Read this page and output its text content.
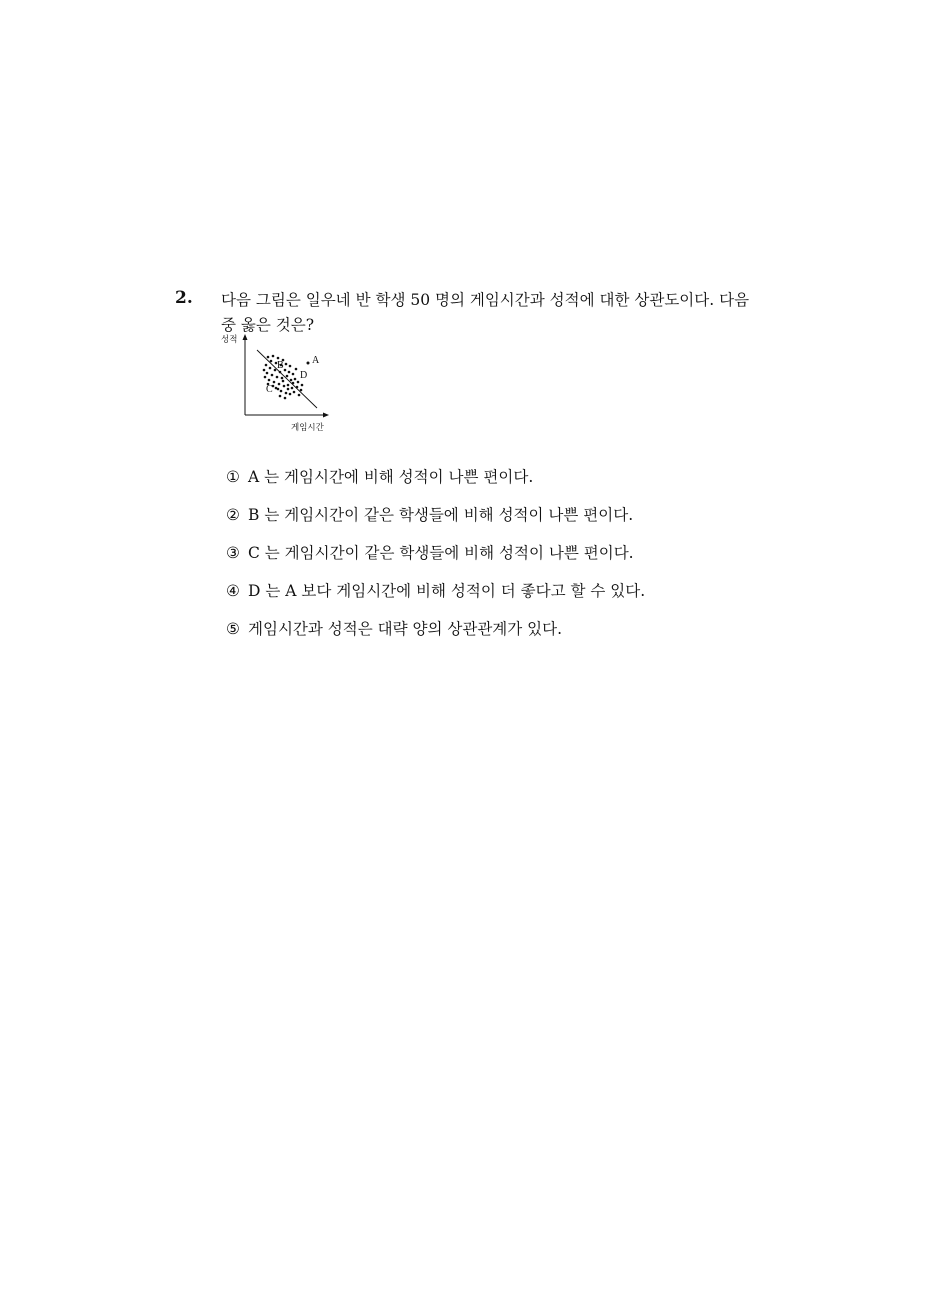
2. 다음 그림은 일우네 반 학생 50 명의 게임시간과 성적에 대한 상관도이다. 다음
중 옳은 것은?
성적
게임시간
A
B
C
D
① A 는 게임시간에 비해 성적이 나쁜 편이다.
② B 는 게임시간이 같은 학생들에 비해 성적이 나쁜 편이다.
③ C 는 게임시간이 같은 학생들에 비해 성적이 나쁜 편이다.
④ D 는 A 보다 게임시간에 비해 성적이 더 좋다고 할 수 있다.
⑤ 게임시간과 성적은 대략 양의 상관관계가 있다.
